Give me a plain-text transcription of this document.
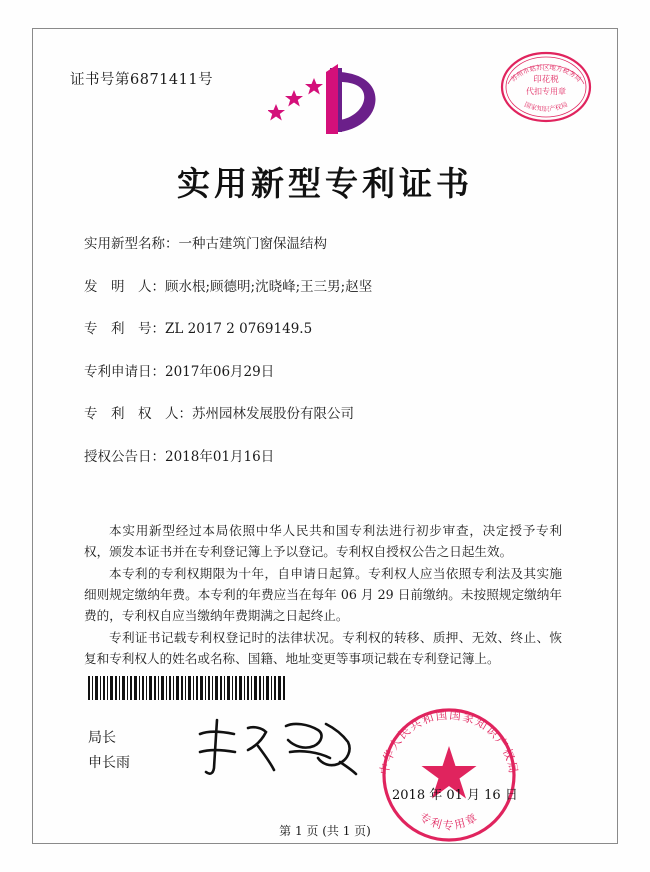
证书号第6871411号	印花税
代扣专用章
苏州市姑苏区地方税务局
国家知识产权局
实用新型专利证书
实用新型名称：一种古建筑门窗保温结构
发　明　人：顾水根;顾德明;沈晓峰;王三男;赵坚
专　利　号：ZL 2017 2 0769149.5
专利申请日：2017年06月29日
专　利　权　人：苏州园林发展股份有限公司
授权公告日：2018年01月16日

本实用新型经过本局依照中华人民共和国专利法进行初步审查，决定授予专利权，颁发本证书并在专利登记簿上予以登记。专利权自授权公告之日起生效。

本专利的专利权期限为十年，自申请日起算。专利权人应当依照专利法及其实施细则规定缴纳年费。本专利的年费应当在每年 06 月 29 日前缴纳。未按照规定缴纳年费的，专利权自应当缴纳年费期满之日起终止。

专利证书记载专利权登记时的法律状况。专利权的转移、质押、无效、终止、恢复和专利权人的姓名或名称、国籍、地址变更等事项记载在专利登记簿上。

局长
申长雨	中华人民共和国国家知识产权局
专利专用章
2018 年 01 月 16 日
第 1 页 (共 1 页)
